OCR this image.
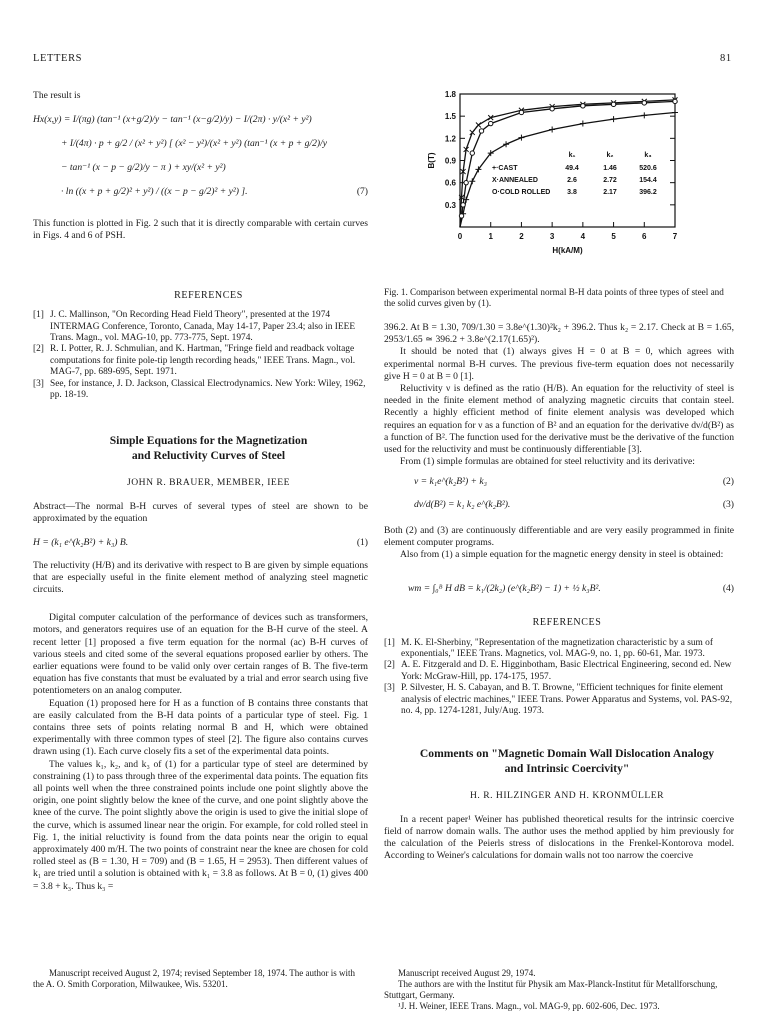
LETTERS	81

The result is

Hx(x,y) = I/(πg) (tan⁻¹ (x+g/2)/y − tan⁻¹ (x−g/2)/y) − I/(2π) · y/(x² + y²)
+ I/(4π) · p + g/2 / (x² + y²) [ (x² − y²)/(x² + y²) (tan⁻¹ (x + p + g/2)/y
− tan⁻¹ (x − p − g/2)/y − π ) + xy/(x² + y²)
· ln ((x + p + g/2)² + y²) / ((x − p − g/2)² + y²) ].	(7)

This function is plotted in Fig. 2 such that it is directly comparable with certain curves in Figs. 4 and 6 of PSH.

REFERENCES

[1] J. C. Mallinson, "On Recording Head Field Theory", presented at the 1974 INTERMAG Conference, Toronto, Canada, May 14-17, Paper 23.4; also in IEEE Trans. Magn., vol. MAG-10, pp. 773-775, Sept. 1974.
[2] R. I. Potter, R. J. Schmulian, and K. Hartman, "Fringe field and readback voltage computations for finite pole-tip length recording heads," IEEE Trans. Magn., vol. MAG-7, pp. 689-695, Sept. 1971.
[3] See, for instance, J. D. Jackson, Classical Electrodynamics. New York: Wiley, 1962, pp. 18-19.

Simple Equations for the Magnetization

and Reluctivity Curves of Steel

JOHN R. BRAUER, MEMBER, IEEE

Abstract—The normal B-H curves of several types of steel are shown to be approximated by the equation

H = (k₁ e^(k₂B²) + k₃) B.	(1)

The reluctivity (H/B) and its derivative with respect to B are given by simple equations that are especially useful in the finite element method of analyzing steel magnetic circuits.

Digital computer calculation of the performance of devices such as transformers, motors, and generators requires use of an equation for the B-H curve of the steel. A recent letter [1] proposed a five term equation for the normal (ac) B-H curves of various steels and cited some of the several equations proposed earlier by others. The earlier equations were found to be valid only over certain ranges of B. The five-term equation has five constants that must be evaluated by a trial and error search using five potentiometers on an analog computer.

Equation (1) proposed here for H as a function of B contains three constants that are easily calculated from the B-H data points of a particular type of steel. Fig. 1 contains three sets of points relating normal B and H, which were obtained experimentally with three common types of steel [2]. The figure also contains curves drawn using (1). Each curve closely fits a set of the experimental data points.

The values k₁, k₂, and k₃ of (1) for a particular type of steel are determined by constraining (1) to pass through three of the experimental data points. The equation fits all points well when the three constrained points include one point slightly above the origin, one point slightly below the knee of the curve, and one point slightly above the knee of the curve. The point slightly above the origin is used to give the initial slope of the curve, which is assumed linear near the origin. For example, for cold rolled steel in Fig. 1, the initial reluctivity is found from the data points near the origin to equal approximately 400 m/H. The two points of constraint near the knee are chosen for cold rolled steel as (B = 1.30, H = 709) and (B = 1.65, H = 2953). Then different values of k₁ are tried until a solution is obtained with k₁ = 3.8 as follows. At B = 0, (1) gives 400 = 3.8 + k₃. Thus k₃ =

Manuscript received August 2, 1974; revised September 18, 1974. The author is with the A. O. Smith Corporation, Milwaukee, Wis. 53201.

0.3
0.6
0.9
1.2
1.5
1.8
0	1	2	3	4	5	6	7
B(T)
H(kA/M)
k₁	k₂	k₃
+·CAST	49.4	1.46	520.6
X·ANNEALED	2.6	2.72	154.4
O·COLD ROLLED 3.8	2.17	396.2
Fig. 1. Comparison between experimental normal B-H data points of three types of steel and the solid curves given by (1).

396.2. At B = 1.30, 709/1.30 = 3.8e^(1.30)²k₂ + 396.2. Thus k₂ = 2.17. Check at B = 1.65, 2953/1.65 ≃ 396.2 + 3.8e^(2.17(1.65)²).

It should be noted that (1) always gives H = 0 at B = 0, which agrees with experimental normal B-H curves. The previous five-term equation does not necessarily give H = 0 at B = 0 [1].

Reluctivity ν is defined as the ratio (H/B). An equation for the reluctivity of steel is needed in the finite element method of analyzing magnetic circuits that contain steel. Recently a highly efficient method of finite element analysis was developed which requires an equation for ν as a function of B² and an equation for the derivative dν/d(B²) as a function of B². The function used for the derivative must be the derivative of the function used for the reluctivity and must be continuously differentiable [3].

From (1) simple formulas are obtained for steel reluctivity and its derivative:

ν = k₁e^(k₂B²) + k₃	(2)
dν/d(B²) = k₁ k₂ e^(k₂B²).	(3)

Both (2) and (3) are continuously differentiable and are very easily programmed in finite element computer programs.

Also from (1) a simple equation for the magnetic energy density in steel is obtained:

wm = ∫₀ᴮ H dB = k₁/(2k₂) (e^(k₂B²) − 1) + ½ k₃B².	(4)

REFERENCES

[1] M. K. El-Sherbiny, "Representation of the magnetization characteristic by a sum of exponentials," IEEE Trans. Magnetics, vol. MAG-9, no. 1, pp. 60-61, Mar. 1973.
[2] A. E. Fitzgerald and D. E. Higginbotham, Basic Electrical Engineering, second ed. New York: McGraw-Hill, pp. 174-175, 1957.
[3] P. Silvester, H. S. Cabayan, and B. T. Browne, "Efficient techniques for finite element analysis of electric machines," IEEE Trans. Power Apparatus and Systems, vol. PAS-92, no. 4, pp. 1274-1281, July/Aug. 1973.

Comments on "Magnetic Domain Wall Dislocation Analogy

and Intrinsic Coercivity"

H. R. HILZINGER AND H. KRONMÜLLER

In a recent paper¹ Weiner has published theoretical results for the intrinsic coercive field of narrow domain walls. The author uses the method applied by him previously for the calculation of the Peierls stress of dislocations in the Frenkel-Kontorova model. According to Weiner's calculations for domain walls not too narrow the coercive

Manuscript received August 29, 1974.

The authors are with the Institut für Physik am Max-Planck-Institut für Metallforschung, Stuttgart, Germany.

¹J. H. Weiner, IEEE Trans. Magn., vol. MAG-9, pp. 602-606, Dec. 1973.
